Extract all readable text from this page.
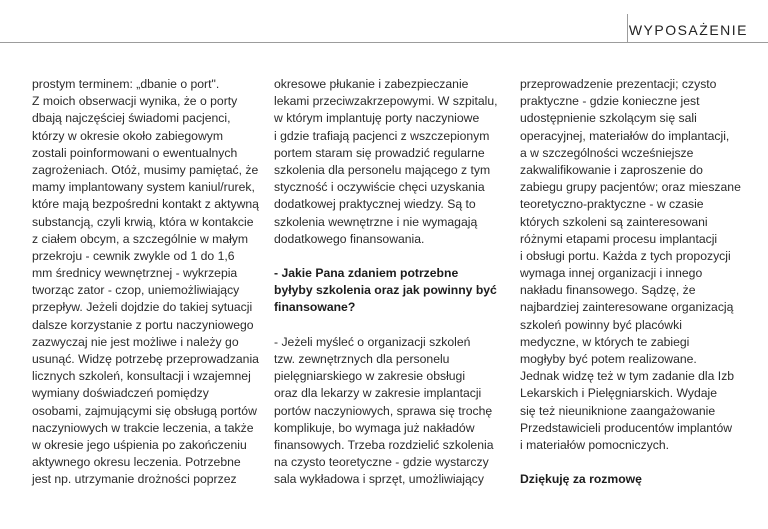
WYPOSAŻENIE
prostym terminem: „dbanie o port".
Z moich obserwacji wynika, że o porty
dbają najczęściej świadomi pacjenci,
którzy w okresie około zabiegowym
zostali poinformowani o ewentualnych
zagrożeniach. Otóż, musimy pamiętać, że
mamy implantowany system kaniul/rurek,
które mają bezpośredni kontakt z aktywną
substancją, czyli krwią, która w kontakcie
z ciałem obcym, a szczególnie w małym
przekroju - cewnik zwykle od 1 do 1,6
mm średnicy wewnętrznej - wykrzepia
tworząc zator - czop, uniemożliwiający
przepływ. Jeżeli dojdzie do takiej sytuacji
dalsze korzystanie z portu naczyniowego
zazwyczaj nie jest możliwe i należy go
usunąć. Widzę potrzebę przeprowadzania
licznych szkoleń, konsultacji i wzajemnej
wymiany doświadczeń pomiędzy
osobami, zajmującymi się obsługą portów
naczyniowych w trakcie leczenia, a także
w okresie jego uśpienia po zakończeniu
aktywnego okresu leczenia. Potrzebne
jest np. utrzymanie drożności poprzez
okresowe płukanie i zabezpieczanie
lekami przeciwzakrzepowymi. W szpitalu,
w którym implantuję porty naczyniowe
i gdzie trafiają pacjenci z wszczepionym
portem staram się prowadzić regularne
szkolenia dla personelu mającego z tym
styczność i oczywiście chęci uzyskania
dodatkowej praktycznej wiedzy. Są to
szkolenia wewnętrzne i nie wymagają
dodatkowego finansowania.
- Jakie Pana zdaniem potrzebne
byłyby szkolenia oraz jak powinny być
finansowane?
- Jeżeli myśleć o organizacji szkoleń
tzw. zewnętrznych dla personelu
pielęgniarskiego w zakresie obsługi
oraz dla lekarzy w zakresie implantacji
portów naczyniowych, sprawa się trochę
komplikuje, bo wymaga już nakładów
finansowych. Trzeba rozdzielić szkolenia
na czysto teoretyczne - gdzie wystarczy
sala wykładowa i sprzęt, umożliwiający
przeprowadzenie prezentacji; czysto
praktyczne - gdzie konieczne jest
udostępnienie szkolącym się sali
operacyjnej, materiałów do implantacji,
a w szczególności wcześniejsze
zakwalifikowanie i zaproszenie do
zabiegu grupy pacjentów; oraz mieszane
teoretyczno-praktyczne - w czasie
których szkoleni są zainteresowani
różnymi etapami procesu implantacji
i obsługi portu. Każda z tych propozycji
wymaga innej organizacji i innego
nakładu finansowego. Sądzę, że
najbardziej zainteresowane organizacją
szkoleń powinny być placówki
medyczne, w których te zabiegi
mogłyby być potem realizowane.
Jednak widzę też w tym zadanie dla Izb
Lekarskich i Pielęgniarskich. Wydaje
się też nieuniknione zaangażowanie
Przedstawicieli producentów implantów
i materiałów pomocniczych.
Dziękuję za rozmowę
